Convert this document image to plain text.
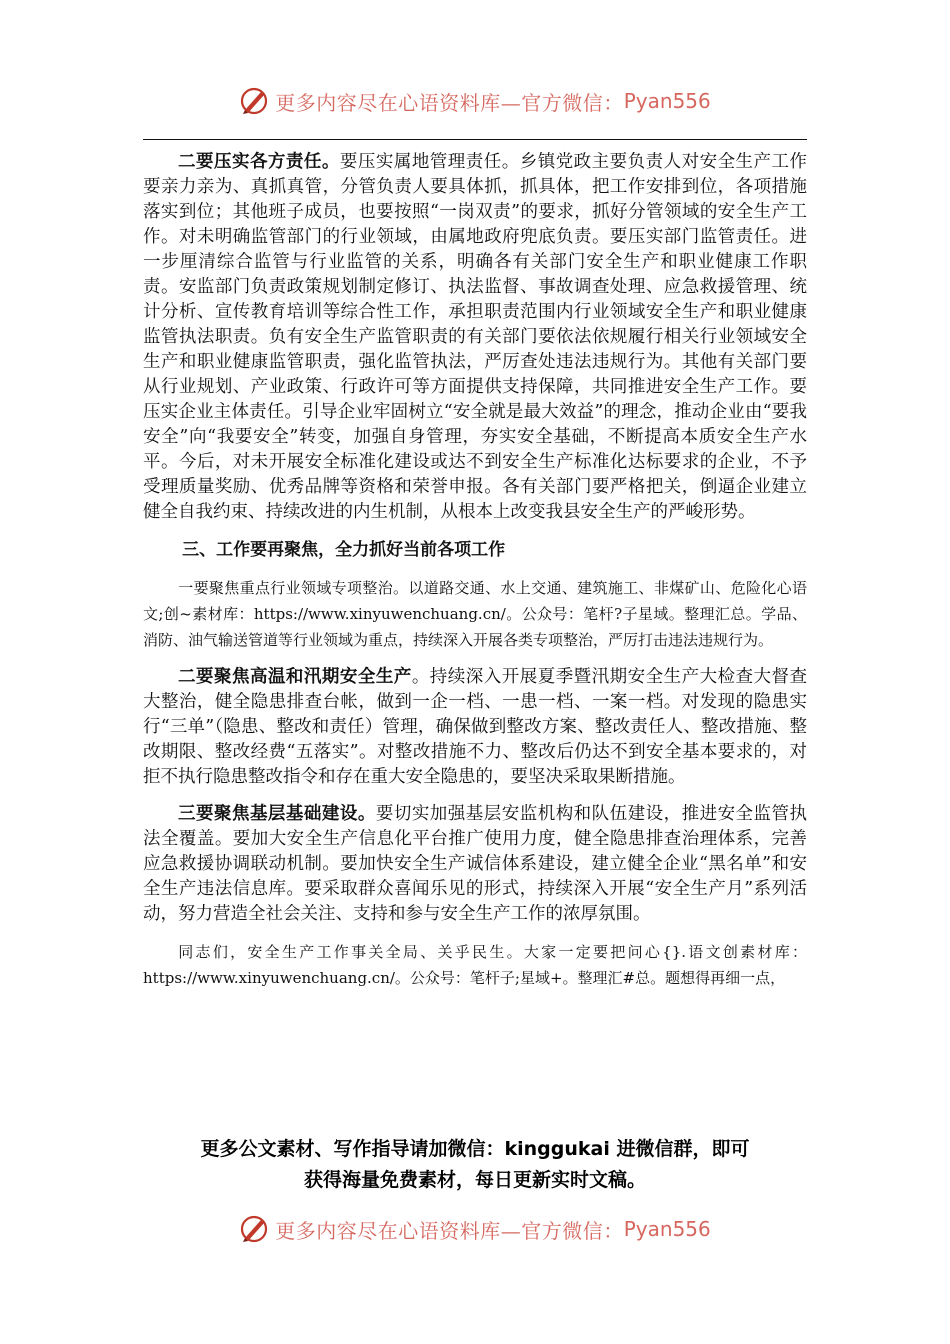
更多内容尽在心语资料库—官方微信： Pyan556

二要压实各方责任。要压实属地管理责任。乡镇党政主要负责人对安全生产工作要亲力亲为、真抓真管，分管负责人要具体抓，抓具体，把工作安排到位，各项措施落实到位；其他班子成员，也要按照“一岗双责”的要求，抓好分管领域的安全生产工作。对未明确监管部门的行业领域，由属地政府兜底负责。要压实部门监管责任。进一步厘清综合监管与行业监管的关系，明确各有关部门安全生产和职业健康工作职责。安监部门负责政策规划制定修订、执法监督、事故调查处理、应急救援管理、统计分析、宣传教育培训等综合性工作，承担职责范围内行业领域安全生产和职业健康监管执法职责。负有安全生产监管职责的有关部门要依法依规履行相关行业领域安全生产和职业健康监管职责，强化监管执法，严厉查处违法违规行为。其他有关部门要从行业规划、产业政策、行政许可等方面提供支持保障，共同推进安全生产工作。要压实企业主体责任。引导企业牢固树立“安全就是最大效益”的理念，推动企业由“要我安全”向“我要安全”转变，加强自身管理，夯实安全基础，不断提高本质安全生产水平。今后，对未开展安全标准化建设或达不到安全生产标准化达标要求的企业，不予受理质量奖励、优秀品牌等资格和荣誉申报。各有关部门要严格把关，倒逼企业建立健全自我约束、持续改进的内生机制，从根本上改变我县安全生产的严峻形势。

三、工作要再聚焦，全力抓好当前各项工作

一要聚焦重点行业领域专项整治。以道路交通、水上交通、建筑施工、非煤矿山、危险化心语文;创~素材库：https://www.xinyuwenchuang.cn/。公众号：笔杆?子星域。整理汇总。学品、消防、油气输送管道等行业领域为重点，持续深入开展各类专项整治，严厉打击违法违规行为。

二要聚焦高温和汛期安全生产。持续深入开展夏季暨汛期安全生产大检查大督查大整治，健全隐患排查台帐，做到一企一档、一患一档、一案一档。对发现的隐患实行“三单”（隐患、整改和责任）管理，确保做到整改方案、整改责任人、整改措施、整改期限、整改经费“五落实”。对整改措施不力、整改后仍达不到安全基本要求的，对拒不执行隐患整改指令和存在重大安全隐患的，要坚决采取果断措施。

三要聚焦基层基础建设。要切实加强基层安监机构和队伍建设，推进安全监管执法全覆盖。要加大安全生产信息化平台推广使用力度，健全隐患排查治理体系，完善应急救援协调联动机制。要加快安全生产诚信体系建设，建立健全企业“黑名单”和安全生产违法信息库。要采取群众喜闻乐见的形式，持续深入开展“安全生产月”系列活动，努力营造全社会关注、支持和参与安全生产工作的浓厚氛围。

同志们，安全生产工作事关全局、关乎民生。大家一定要把问心{}.语文创素材库：https://www.xinyuwenchuang.cn/。公众号：笔杆子;星域+。整理汇#总。题想得再细一点，

更多公文素材、写作指导请加微信：kinggukai 进微信群，即可
获得海量免费素材，每日更新实时文稿。
更多内容尽在心语资料库—官方微信： Pyan556
